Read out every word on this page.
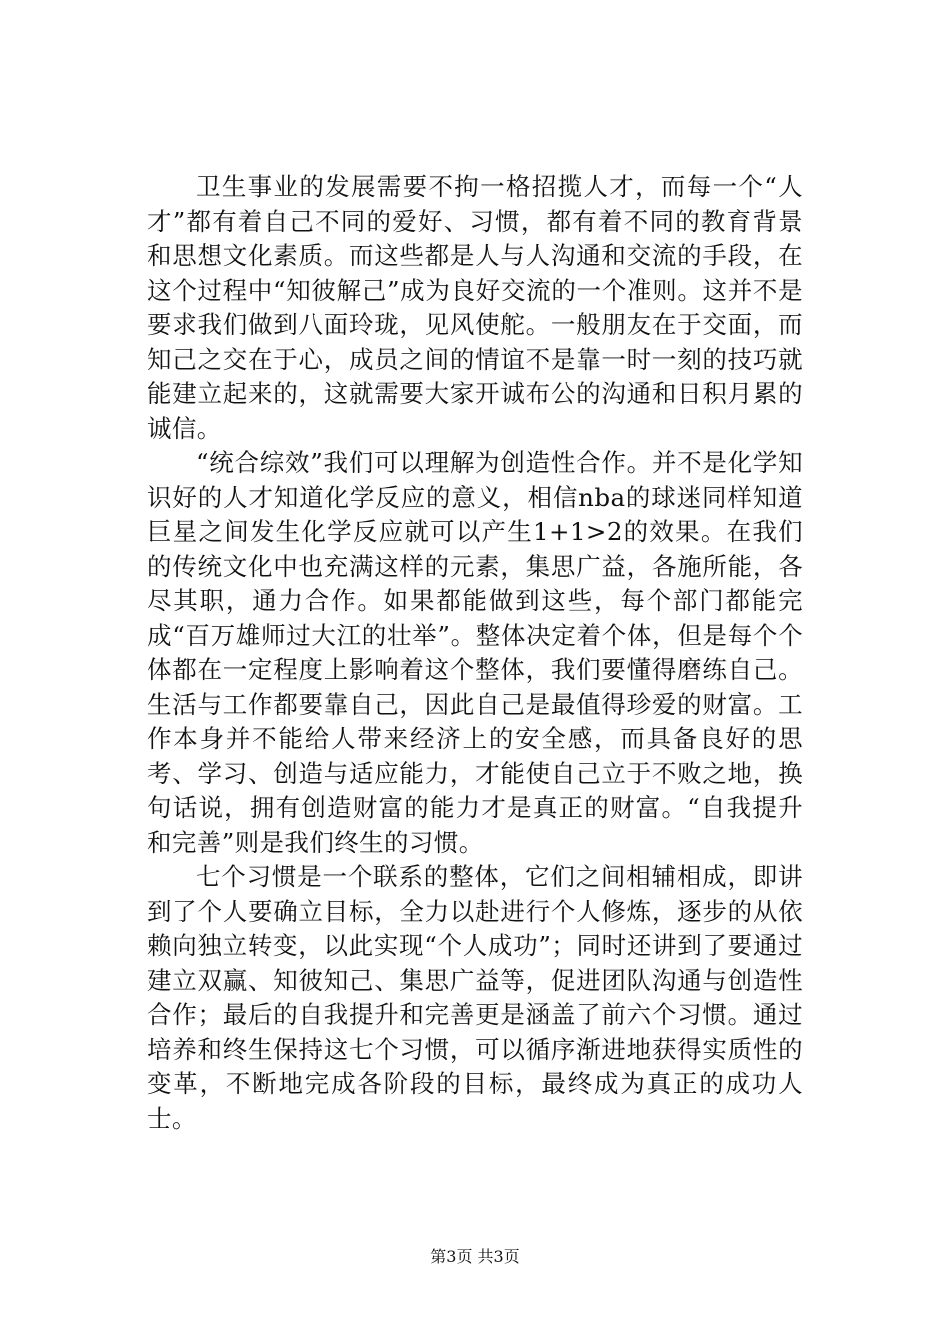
卫生事业的发展需要不拘一格招揽人才，而每一个“人才”都有着自己不同的爱好、习惯，都有着不同的教育背景和思想文化素质。而这些都是人与人沟通和交流的手段，在这个过程中“知彼解己”成为良好交流的一个准则。这并不是要求我们做到八面玲珑，见风使舵。一般朋友在于交面，而知己之交在于心，成员之间的情谊不是靠一时一刻的技巧就能建立起来的，这就需要大家开诚布公的沟通和日积月累的诚信。

“统合综效”我们可以理解为创造性合作。并不是化学知识好的人才知道化学反应的意义，相信nba的球迷同样知道巨星之间发生化学反应就可以产生1+1>2的效果。在我们的传统文化中也充满这样的元素，集思广益，各施所能，各尽其职，通力合作。如果都能做到这些，每个部门都能完成“百万雄师过大江的壮举”。整体决定着个体，但是每个个体都在一定程度上影响着这个整体，我们要懂得磨练自己。生活与工作都要靠自己，因此自己是最值得珍爱的财富。工作本身并不能给人带来经济上的安全感，而具备良好的思考、学习、创造与适应能力，才能使自己立于不败之地，换句话说，拥有创造财富的能力才是真正的财富。“自我提升和完善”则是我们终生的习惯。

七个习惯是一个联系的整体，它们之间相辅相成，即讲到了个人要确立目标，全力以赴进行个人修炼，逐步的从依赖向独立转变，以此实现“个人成功”；同时还讲到了要通过建立双赢、知彼知己、集思广益等，促进团队沟通与创造性合作；最后的自我提升和完善更是涵盖了前六个习惯。通过培养和终生保持这七个习惯，可以循序渐进地获得实质性的变革，不断地完成各阶段的目标，最终成为真正的成功人士。

第3页 共3页
